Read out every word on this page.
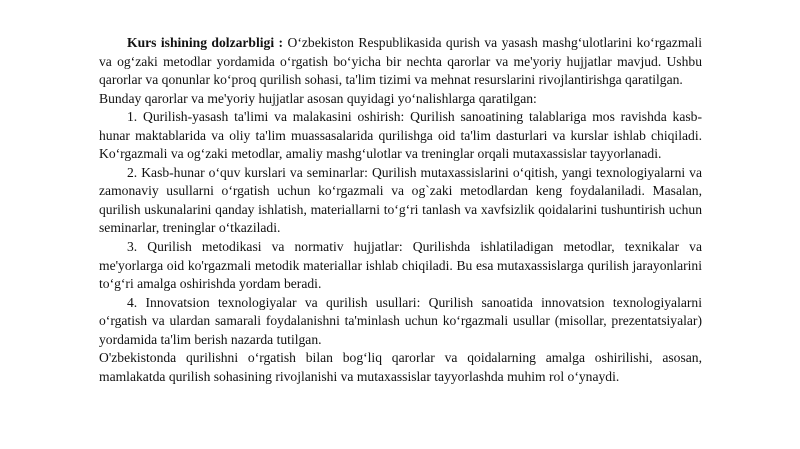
Kurs ishining dolzarbligi : O‘zbekiston Respublikasida qurish va yasash mashg‘ulotlarini ko‘rgazmali va og‘zaki metodlar yordamida o‘rgatish bo‘yicha bir nechta qarorlar va me'yoriy hujjatlar mavjud. Ushbu qarorlar va qonunlar ko‘proq qurilish sohasi, ta'lim tizimi va mehnat resurslarini rivojlantirishga qaratilgan.

Bunday qarorlar va me'yoriy hujjatlar asosan quyidagi yo‘nalishlarga qaratilgan:

1. Qurilish-yasash ta'limi va malakasini oshirish: Qurilish sanoatining talablariga mos ravishda kasb-hunar maktablarida va oliy ta'lim muassasalarida qurilishga oid ta'lim dasturlari va kurslar ishlab chiqiladi. Ko‘rgazmali va og‘zaki metodlar, amaliy mashg‘ulotlar va treninglar orqali mutaxassislar tayyorlanadi.

2. Kasb-hunar o‘quv kurslari va seminarlar: Qurilish mutaxassislarini o‘qitish, yangi texnologiyalarni va zamonaviy usullarni o‘rgatish uchun ko‘rgazmali va og`zaki metodlardan keng foydalaniladi. Masalan, qurilish uskunalarini qanday ishlatish, materiallarni to‘g‘ri tanlash va xavfsizlik qoidalarini tushuntirish uchun seminarlar, treninglar o‘tkaziladi.

3. Qurilish metodikasi va normativ hujjatlar: Qurilishda ishlatiladigan metodlar, texnikalar va me'yorlarga oid ko'rgazmali metodik materiallar ishlab chiqiladi. Bu esa mutaxassislarga qurilish jarayonlarini to‘g‘ri amalga oshirishda yordam beradi.

4. Innovatsion texnologiyalar va qurilish usullari: Qurilish sanoatida innovatsion texnologiyalarni o‘rgatish va ulardan samarali foydalanishni ta'minlash uchun ko‘rgazmali usullar (misollar, prezentatsiyalar) yordamida ta'lim berish nazarda tutilgan.

O'zbekistonda qurilishni o‘rgatish bilan bog‘liq qarorlar va qoidalarning amalga oshirilishi, asosan, mamlakatda qurilish sohasining rivojlanishi va mutaxassislar tayyorlashda muhim rol o‘ynaydi.
